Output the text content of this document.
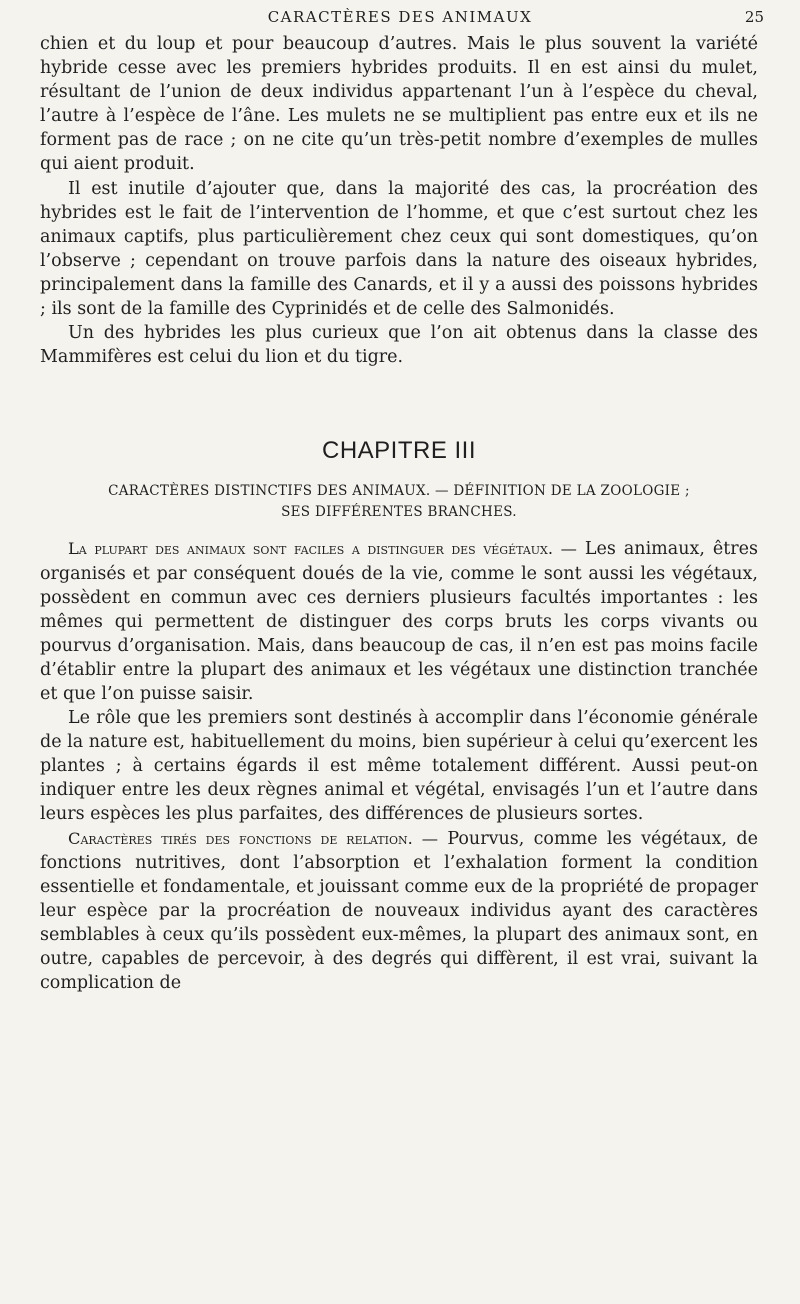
CARACTÈRES DES ANIMAUX	25

chien et du loup et pour beaucoup d’autres. Mais le plus souvent la variété hybride cesse avec les premiers hybrides produits. Il en est ainsi du mulet, résultant de l’union de deux individus appartenant l’un à l’espèce du cheval, l’autre à l’espèce de l’âne. Les mulets ne se multiplient pas entre eux et ils ne forment pas de race ; on ne cite qu’un très-petit nombre d’exemples de mulles qui aient produit.

Il est inutile d’ajouter que, dans la majorité des cas, la procréation des hybrides est le fait de l’intervention de l’homme, et que c’est surtout chez les animaux captifs, plus particulièrement chez ceux qui sont domestiques, qu’on l’observe ; cependant on trouve parfois dans la nature des oiseaux hybrides, principalement dans la famille des Canards, et il y a aussi des poissons hybrides ; ils sont de la famille des Cyprinidés et de celle des Salmonidés.

Un des hybrides les plus curieux que l’on ait obtenus dans la classe des Mammifères est celui du lion et du tigre.

CHAPITRE III
CARACTÈRES DISTINCTIFS DES ANIMAUX. — DÉFINITION DE LA ZOOLOGIE ;
SES DIFFÉRENTES BRANCHES.

La plupart des animaux sont faciles a distinguer des végétaux. — Les animaux, êtres organisés et par conséquent doués de la vie, comme le sont aussi les végétaux, possèdent en commun avec ces derniers plusieurs facultés importantes : les mêmes qui permettent de distinguer des corps bruts les corps vivants ou pourvus d’organisation. Mais, dans beaucoup de cas, il n’en est pas moins facile d’établir entre la plupart des animaux et les végétaux une distinction tranchée et que l’on puisse saisir.

Le rôle que les premiers sont destinés à accomplir dans l’économie générale de la nature est, habituellement du moins, bien supérieur à celui qu’exercent les plantes ; à certains égards il est même totalement différent. Aussi peut-on indiquer entre les deux règnes animal et végétal, envisagés l’un et l’autre dans leurs espèces les plus parfaites, des différences de plusieurs sortes.

Caractères tirés des fonctions de relation. — Pourvus, comme les végétaux, de fonctions nutritives, dont l’absorption et l’exhalation forment la condition essentielle et fondamentale, et jouissant comme eux de la propriété de propager leur espèce par la procréation de nouveaux individus ayant des caractères semblables à ceux qu’ils possèdent eux-mêmes, la plupart des animaux sont, en outre, capables de percevoir, à des degrés qui diffèrent, il est vrai, suivant la complication de
